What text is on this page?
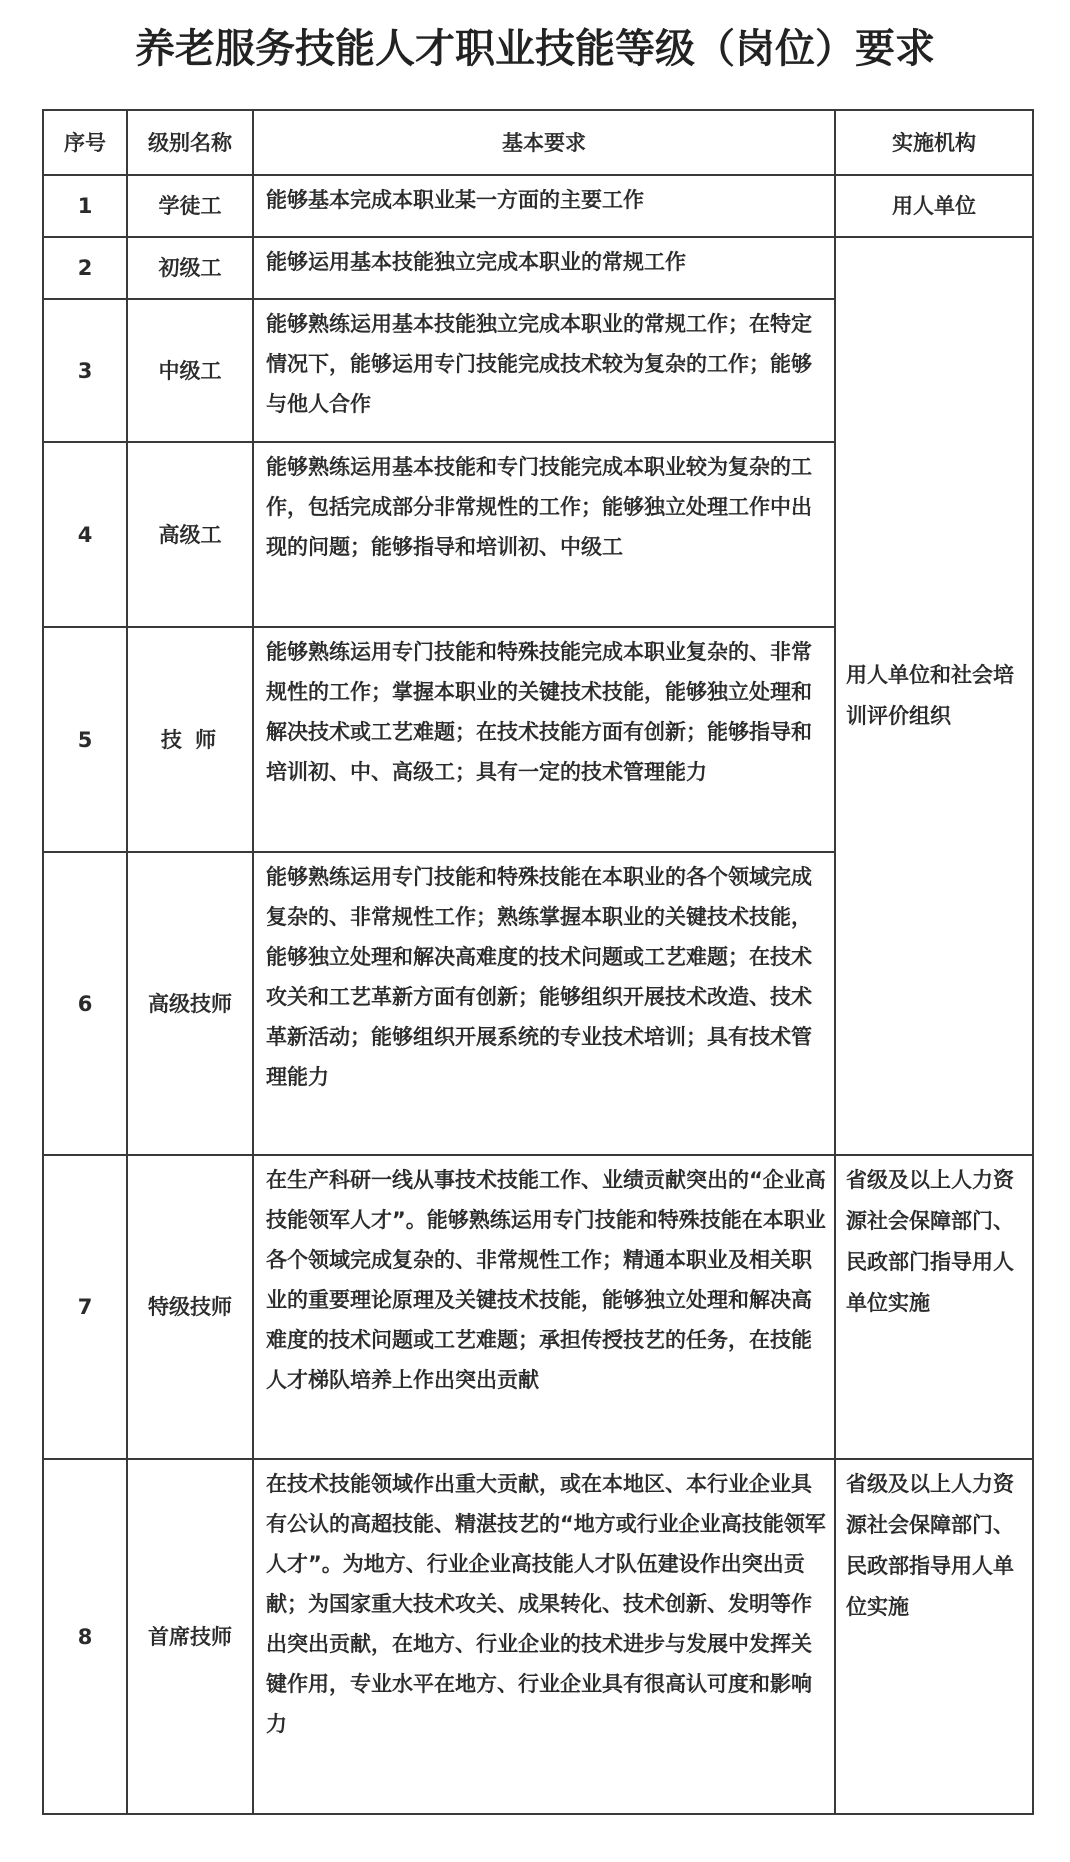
养老服务技能人才职业技能等级（岗位）要求
序号	级别名称	基本要求	实施机构
1	学徒工	能够基本完成本职业某一方面的主要工作	用人单位
2	初级工	能够运用基本技能独立完成本职业的常规工作	用人单位和社会培训评价组织
3	中级工	能够熟练运用基本技能独立完成本职业的常规工作；在特定情况下，能够运用专门技能完成技术较为复杂的工作；能够与他人合作	
4	高级工	能够熟练运用基本技能和专门技能完成本职业较为复杂的工作，包括完成部分非常规性的工作；能够独立处理工作中出现的问题；能够指导和培训初、中级工	
5	技 师	能够熟练运用专门技能和特殊技能完成本职业复杂的、非常规性的工作；掌握本职业的关键技术技能，能够独立处理和解决技术或工艺难题；在技术技能方面有创新；能够指导和培训初、中、高级工；具有一定的技术管理能力	
6	高级技师	能够熟练运用专门技能和特殊技能在本职业的各个领域完成复杂的、非常规性工作；熟练掌握本职业的关键技术技能，能够独立处理和解决高难度的技术问题或工艺难题；在技术攻关和工艺革新方面有创新；能够组织开展技术改造、技术革新活动；能够组织开展系统的专业技术培训；具有技术管理能力	
7	特级技师	在生产科研一线从事技术技能工作、业绩贡献突出的“企业高技能领军人才”。能够熟练运用专门技能和特殊技能在本职业各个领域完成复杂的、非常规性工作；精通本职业及相关职业的重要理论原理及关键技术技能，能够独立处理和解决高难度的技术问题或工艺难题；承担传授技艺的任务，在技能人才梯队培养上作出突出贡献	省级及以上人力资源社会保障部门、民政部门指导用人单位实施
8	首席技师	在技术技能领域作出重大贡献，或在本地区、本行业企业具有公认的高超技能、精湛技艺的“地方或行业企业高技能领军人才”。为地方、行业企业高技能人才队伍建设作出突出贡献；为国家重大技术攻关、成果转化、技术创新、发明等作出突出贡献，在地方、行业企业的技术进步与发展中发挥关键作用，专业水平在地方、行业企业具有很高认可度和影响力	省级及以上人力资源社会保障部门、民政部指导用人单位实施
